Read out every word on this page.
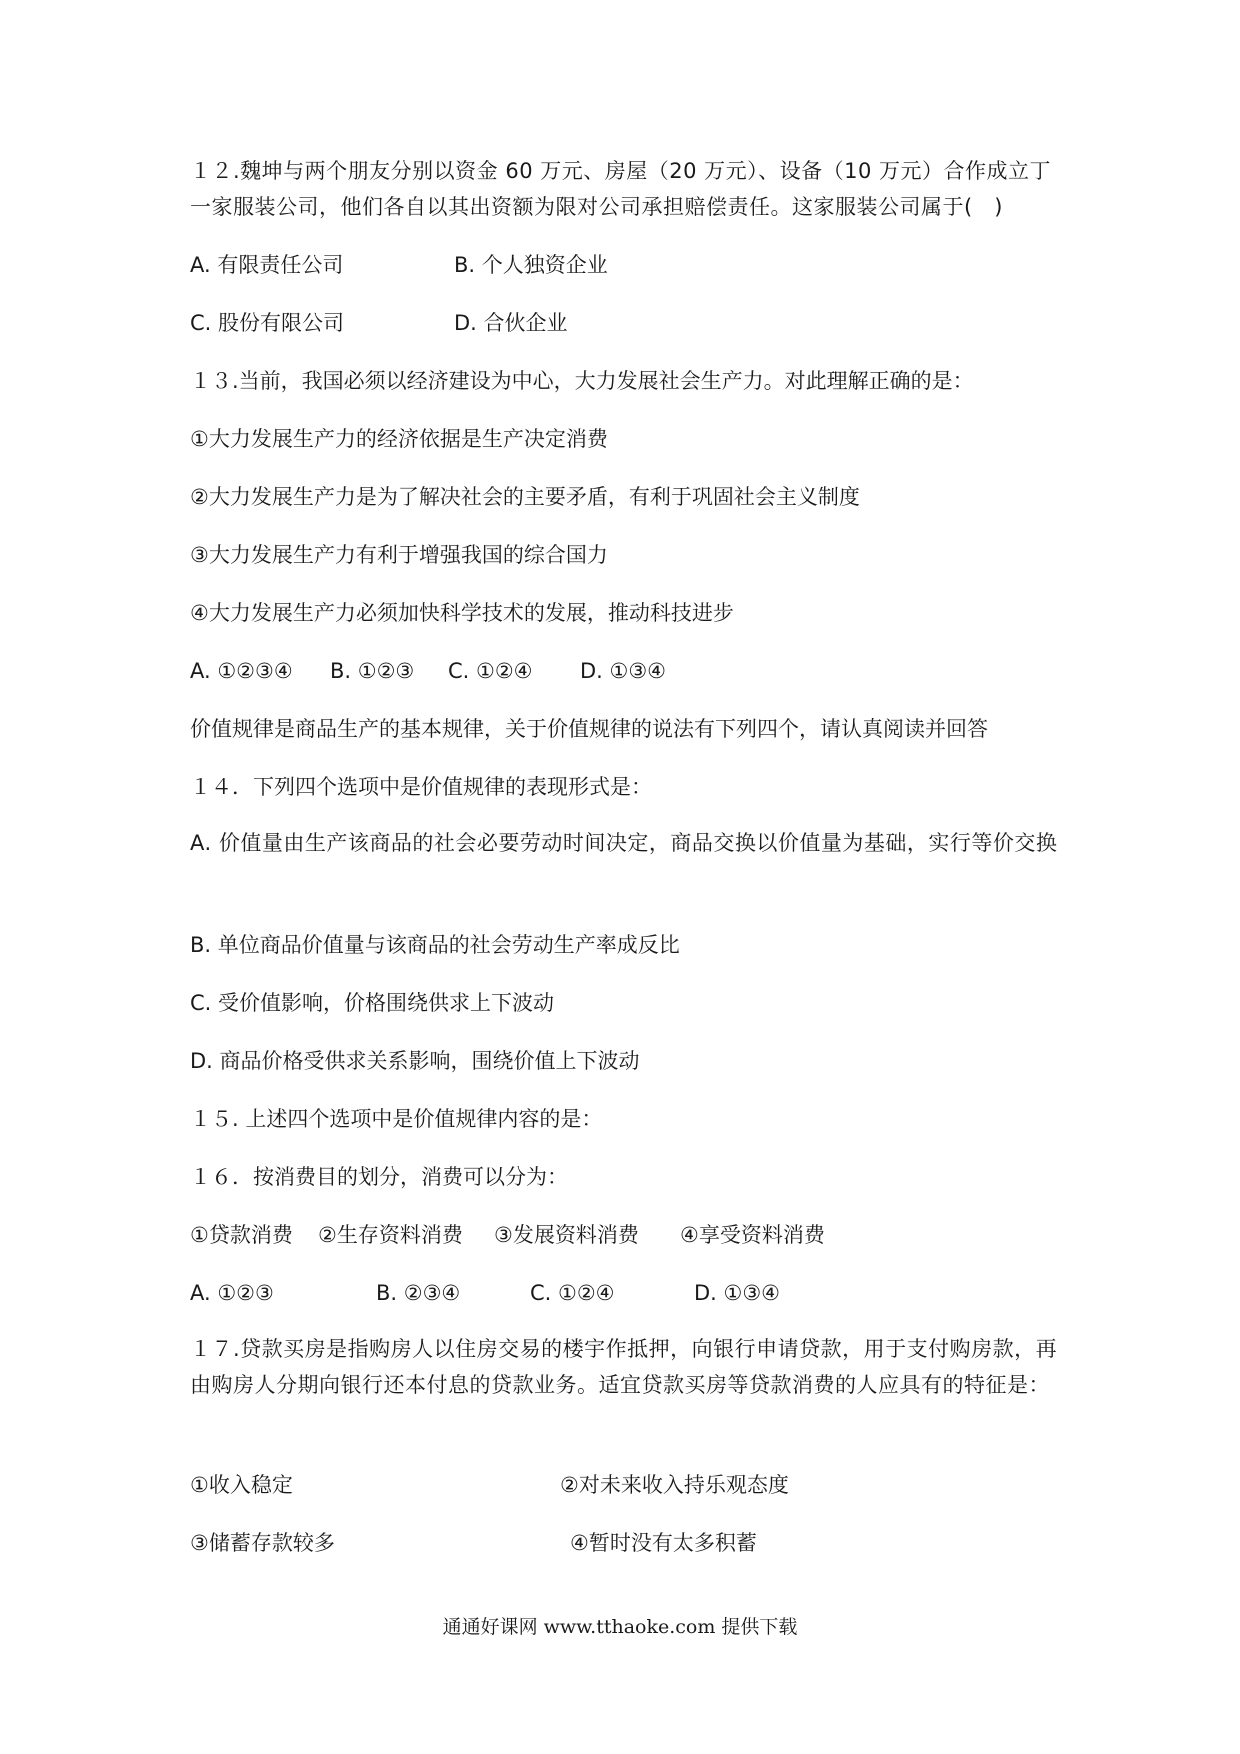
１２.魏坤与两个朋友分别以资金 60 万元、房屋（20 万元）、设备（10 万元）合作成立丁一家服装公司，他们各自以其出资额为限对公司承担赔偿责任。这家服装公司属于(　)
A. 有限责任公司	B. 个人独资企业
C. 股份有限公司	D. 合伙企业
１３.当前，我国必须以经济建设为中心，大力发展社会生产力。对此理解正确的是：
①大力发展生产力的经济依据是生产决定消费
②大力发展生产力是为了解决社会的主要矛盾，有利于巩固社会主义制度
③大力发展生产力有利于增强我国的综合国力
④大力发展生产力必须加快科学技术的发展，推动科技进步
A. ①②③④ B. ①②③ C. ①②④ D. ①③④
价值规律是商品生产的基本规律，关于价值规律的说法有下列四个，请认真阅读并回答
１４．下列四个选项中是价值规律的表现形式是：
A. 价值量由生产该商品的社会必要劳动时间决定，商品交换以价值量为基础，实行等价交换
B. 单位商品价值量与该商品的社会劳动生产率成反比
C. 受价值影响，价格围绕供求上下波动
D. 商品价格受供求关系影响，围绕价值上下波动
１５. 上述四个选项中是价值规律内容的是：
１６．按消费目的划分，消费可以分为：
①贷款消费 ②生存资料消费 ③发展资料消费 ④享受资料消费
A. ①②③	B. ②③④	C. ①②④	D. ①③④
１７.贷款买房是指购房人以住房交易的楼宇作抵押，向银行申请贷款，用于支付购房款，再由购房人分期向银行还本付息的贷款业务。适宜贷款买房等贷款消费的人应具有的特征是：
①收入稳定	②对未来收入持乐观态度
③储蓄存款较多	④暂时没有太多积蓄
通通好课网 www.tthaoke.com 提供下载
